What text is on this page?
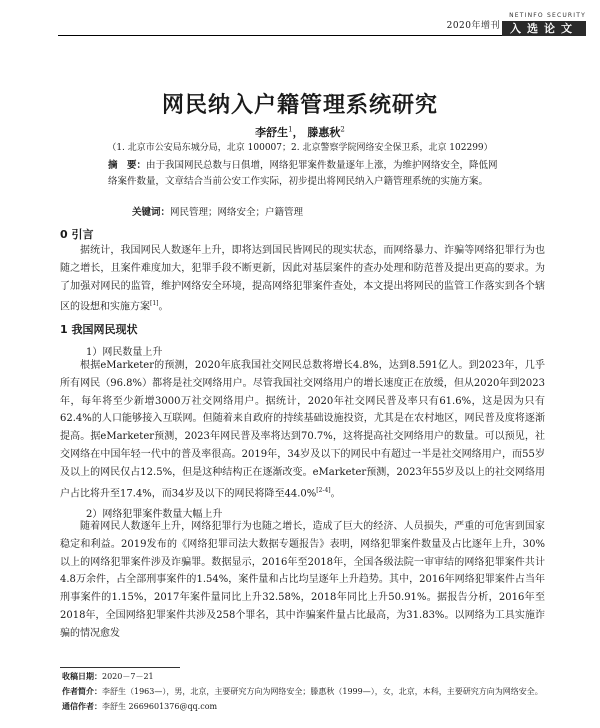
2020年增刊
NETINFO SECURITY
入选论文
网民纳入户籍管理系统研究
李舒生$^1$， 滕惠秋$^2$
（1. 北京市公安局东城分局，北京 100007；2. 北京警察学院网络安全保卫系，北京 102299）
摘　要：由于我国网民总数与日俱增，网络犯罪案件数量逐年上涨，为维护网络安全，降低网络案件数量，文章结合当前公安工作实际，初步提出将网民纳入户籍管理系统的实施方案。
关键词：网民管理；网络安全；户籍管理
0 引言

据统计，我国网民人数逐年上升，即将达到国民皆网民的现实状态，而网络暴力、诈骗等网络犯罪行为也随之增长，且案件难度加大，犯罪手段不断更新，因此对基层案件的查办处理和防范普及提出更高的要求。为了加强对网民的监管，维护网络安全环境，提高网络犯罪案件查处，本文提出将网民的监管工作落实到各个辖区的设想和实施方案[1]。

1 我国网民现状
1）网民数量上升

根据eMarketer的预测，2020年底我国社交网民总数将增长4.8%，达到8.591亿人。到2023年，几乎所有网民（96.8%）都将是社交网络用户。尽管我国社交网络用户的增长速度正在放缓，但从2020年到2023年，每年将至少新增3000万社交网络用户。据统计，2020年社交网民普及率只有61.6%，这是因为只有62.4%的人口能够接入互联网。但随着来自政府的持续基础设施投资，尤其是在农村地区，网民普及度将逐渐提高。据eMarketer预测，2023年网民普及率将达到70.7%，这将提高社交网络用户的数量。可以预见，社交网络在中国年轻一代中的普及率很高。2019年，34岁及以下的网民中有超过一半是社交网络用户，而55岁及以上的网民仅占12.5%，但是这种结构正在逐渐改变。eMarketer预测，2023年55岁及以上的社交网络用户占比将升至17.4%，而34岁及以下的网民将降至44.0%[2-4]。

2）网络犯罪案件数量大幅上升

随着网民人数逐年上升，网络犯罪行为也随之增长，造成了巨大的经济、人员损失，严重的可危害到国家稳定和利益。2019发布的《网络犯罪司法大数据专题报告》表明，网络犯罪案件数量及占比逐年上升，30%以上的网络犯罪案件涉及诈骗罪。数据显示，2016年至2018年，全国各级法院一审审结的网络犯罪案件共计4.8万余件，占全部刑事案件的1.54%，案件量和占比均呈逐年上升趋势。其中，2016年网络犯罪案件占当年刑事案件的1.15%，2017年案件量同比上升32.58%，2018年同比上升50.91%。据报告分析，2016年至2018年，全国网络犯罪案件共涉及258个罪名，其中诈骗案件量占比最高，为31.83%。以网络为工具实施诈骗的情况愈发

收稿日期：2020－7－21
作者简介：李舒生（1963—），男，北京，主要研究方向为网络安全；滕惠秋（1999—），女，北京，本科，主要研究方向为网络安全。
通信作者：李舒生 2669601376@qq.com
